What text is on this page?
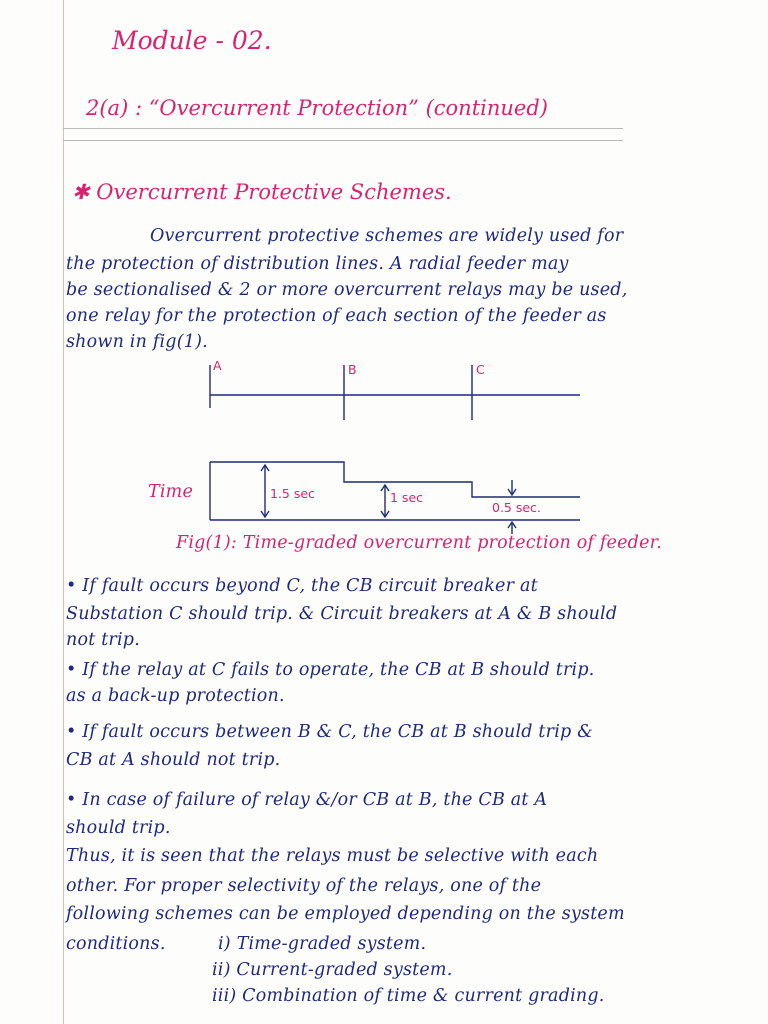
Module - 02.
2(a) : “Overcurrent Protection” (continued)
✱ Overcurrent Protective Schemes.
Overcurrent protective schemes are widely used for
the protection of distribution lines. A radial feeder may
be sectionalised & 2 or more overcurrent relays may be used,
one relay for the protection of each section of the feeder as
shown in fig(1).
A	B	C
Time	1.5 sec	1 sec
0.5 sec.
Fig(1): Time-graded overcurrent protection of feeder.
• If fault occurs beyond C, the CB circuit breaker at
Substation C should trip. & Circuit breakers at A & B should
not trip.
• If the relay at C fails to operate, the CB at B should trip.
as a back-up protection.
• If fault occurs between B & C, the CB at B should trip &
CB at A should not trip.
• In case of failure of relay &/or CB at B, the CB at A
should trip.
Thus, it is seen that the relays must be selective with each
other. For proper selectivity of the relays, one of the
following schemes can be employed depending on the system
conditions.	i) Time-graded system.
ii) Current-graded system.
iii) Combination of time & current grading.
